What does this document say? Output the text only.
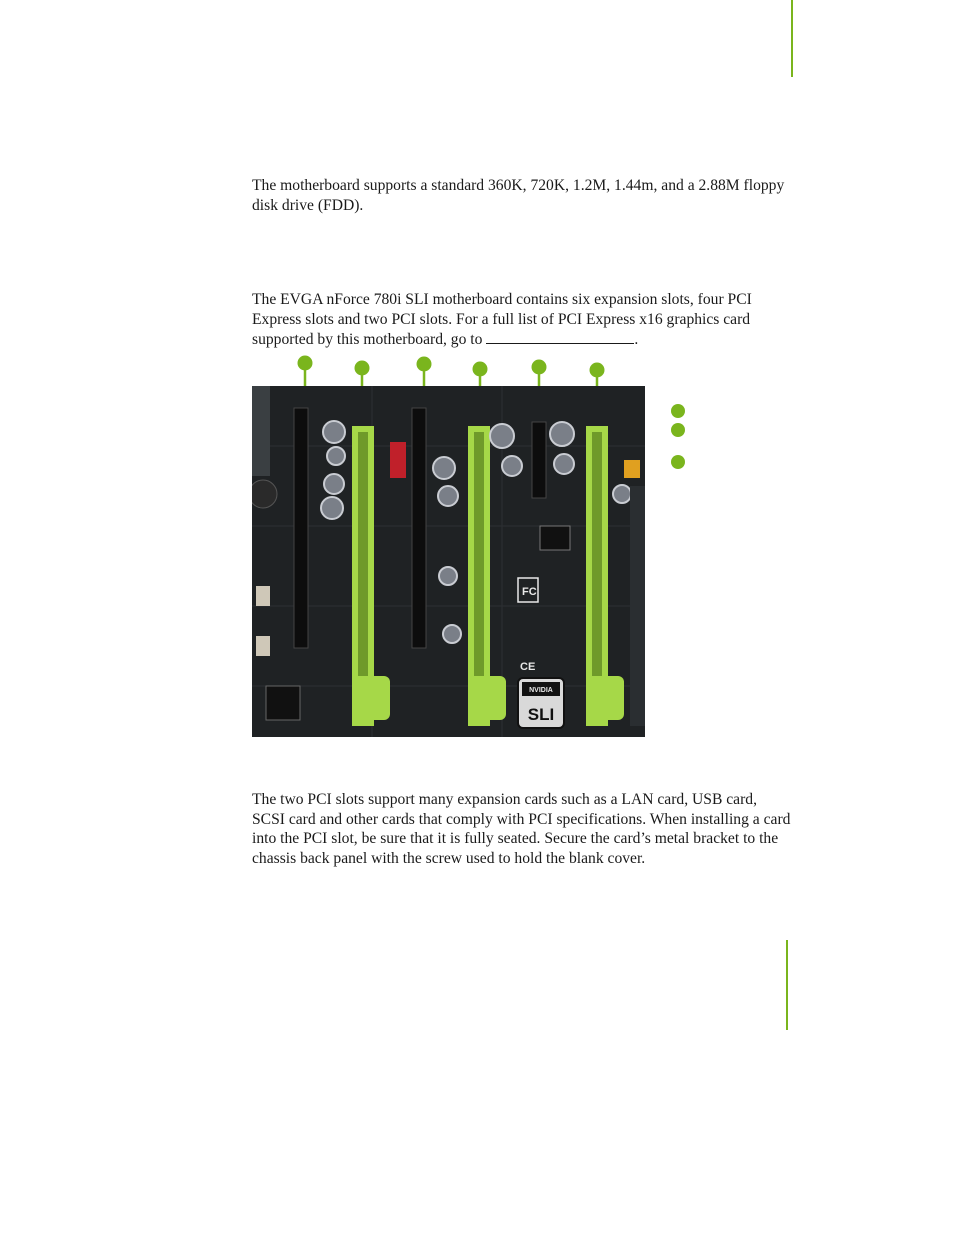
The motherboard supports a standard 360K, 720K, 1.2M, 1.44m, and a 2.88M floppy disk drive (FDD).

The EVGA nForce 780i SLI motherboard contains six expansion slots, four PCI Express slots and two PCI slots. For a full list of PCI Express x16 graphics card supported by this motherboard, go to	.

FC
CE
NVIDIA
SLI

The two PCI slots support many expansion cards such as a LAN card, USB card, SCSI card and other cards that comply with PCI specifications. When installing a card into the PCI slot, be sure that it is fully seated. Secure the card’s metal bracket to the chassis back panel with the screw used to hold the blank cover.
